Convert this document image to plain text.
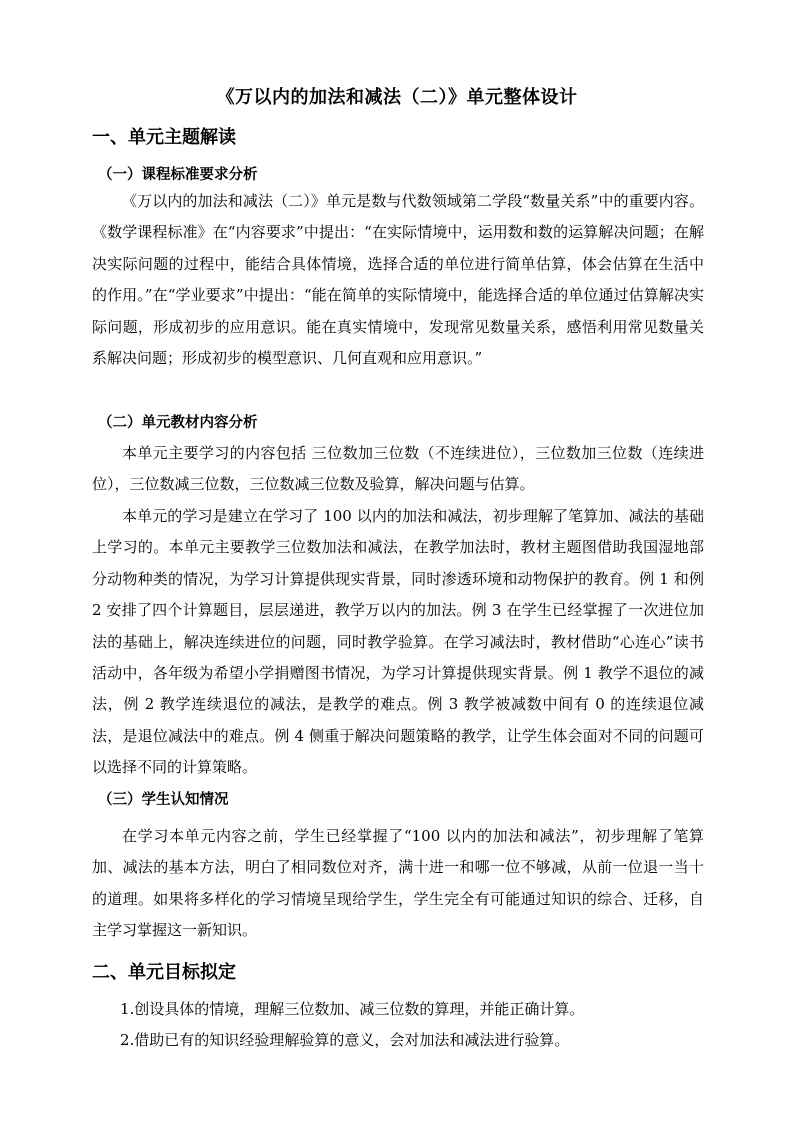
《万以内的加法和减法（二）》单元整体设计
一、单元主题解读
（一）课程标准要求分析
《万以内的加法和减法（二）》单元是数与代数领域第二学段“数量关系”中的重要内容。《数学课程标准》在“内容要求”中提出：“在实际情境中，运用数和数的运算解决问题；在解决实际问题的过程中，能结合具体情境，选择合适的单位进行简单估算，体会估算在生活中的作用。”在“学业要求”中提出：“能在简单的实际情境中，能选择合适的单位通过估算解决实际问题，形成初步的应用意识。能在真实情境中，发现常见数量关系，感悟利用常见数量关系解决问题；形成初步的模型意识、几何直观和应用意识。”
（二）单元教材内容分析
本单元主要学习的内容包括 三位数加三位数（不连续进位），三位数加三位数（连续进位），三位数减三位数，三位数减三位数及验算，解决问题与估算。
本单元的学习是建立在学习了 100 以内的加法和减法，初步理解了笔算加、减法的基础上学习的。本单元主要教学三位数加法和减法，在教学加法时，教材主题图借助我国湿地部分动物种类的情况，为学习计算提供现实背景，同时渗透环境和动物保护的教育。例 1 和例 2 安排了四个计算题目，层层递进，教学万以内的加法。例 3 在学生已经掌握了一次进位加法的基础上，解决连续进位的问题，同时教学验算。在学习减法时，教材借助“心连心”读书活动中，各年级为希望小学捐赠图书情况，为学习计算提供现实背景。例 1 教学不退位的减法，例 2 教学连续退位的减法，是教学的难点。例 3 教学被减数中间有 0 的连续退位减法，是退位减法中的难点。例 4 侧重于解决问题策略的教学，让学生体会面对不同的问题可以选择不同的计算策略。
（三）学生认知情况
在学习本单元内容之前，学生已经掌握了“100 以内的加法和减法”，初步理解了笔算加、减法的基本方法，明白了相同数位对齐，满十进一和哪一位不够减，从前一位退一当十的道理。如果将多样化的学习情境呈现给学生，学生完全有可能通过知识的综合、迁移，自主学习掌握这一新知识。
二、单元目标拟定
1.创设具体的情境，理解三位数加、减三位数的算理，并能正确计算。
2.借助已有的知识经验理解验算的意义，会对加法和减法进行验算。
